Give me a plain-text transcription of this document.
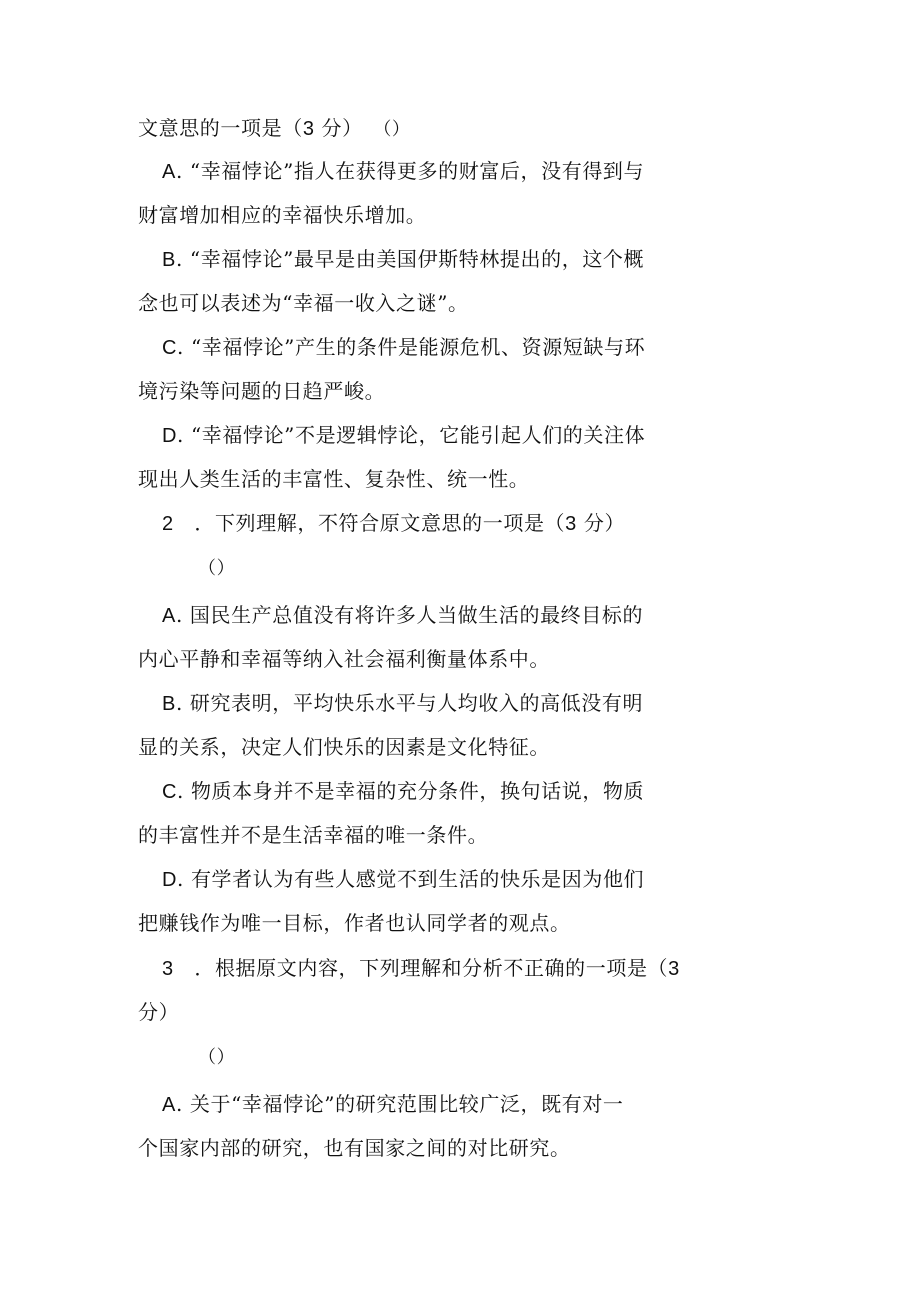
文意思的一项是（3 分）  （）
A. “幸福悖论”指人在获得更多的财富后，没有得到与
财富增加相应的幸福快乐增加。
B. “幸福悖论”最早是由美国伊斯特林提出的，这个概
念也可以表述为“幸福一收入之谜”。
C. “幸福悖论”产生的条件是能源危机、资源短缺与环
境污染等问题的日趋严峻。
D. “幸福悖论”不是逻辑悖论，它能引起人们的关注体
现出人类生活的丰富性、复杂性、统一性。
2  ．下列理解，不符合原文意思的一项是（3 分）
（）
A. 国民生产总值没有将许多人当做生活的最终目标的
内心平静和幸福等纳入社会福利衡量体系中。
B. 研究表明，平均快乐水平与人均收入的高低没有明
显的关系，决定人们快乐的因素是文化特征。
C. 物质本身并不是幸福的充分条件，换句话说，物质
的丰富性并不是生活幸福的唯一条件。
D. 有学者认为有些人感觉不到生活的快乐是因为他们
把赚钱作为唯一目标，作者也认同学者的观点。
3  ．根据原文内容，下列理解和分析不正确的一项是（3
分）
（）
A. 关于“幸福悖论”的研究范围比较广泛，既有对一
个国家内部的研究，也有国家之间的对比研究。
